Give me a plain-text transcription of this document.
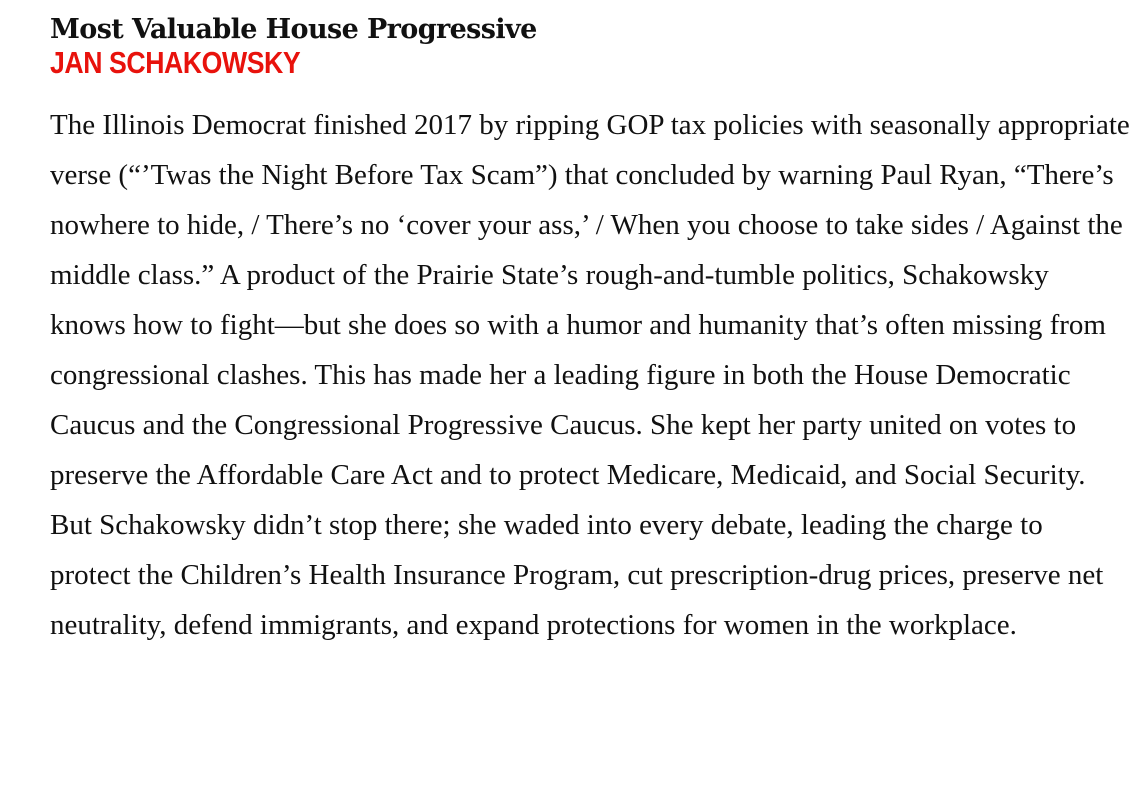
Most Valuable House Progressive
JAN SCHAKOWSKY

The Illinois Democrat finished 2017 by ripping GOP tax policies with seasonally appropriate verse (“’Twas the Night Before Tax Scam”) that concluded by warning Paul Ryan, “There’s nowhere to hide, / There’s no ‘cover your ass,’ / When you choose to take sides / Against the middle class.” A product of the Prairie State’s rough-and-tumble politics, Schakowsky knows how to fight—but she does so with a humor and humanity that’s often missing from congressional clashes. This has made her a leading figure in both the House Democratic Caucus and the Congressional Progressive Caucus. She kept her party united on votes to preserve the Affordable Care Act and to protect Medicare, Medicaid, and Social Security. But Schakowsky didn’t stop there; she waded into every debate, leading the charge to protect the Children’s Health Insurance Program, cut prescription-drug prices, preserve net neutrality, defend immigrants, and expand protections for women in the workplace.
